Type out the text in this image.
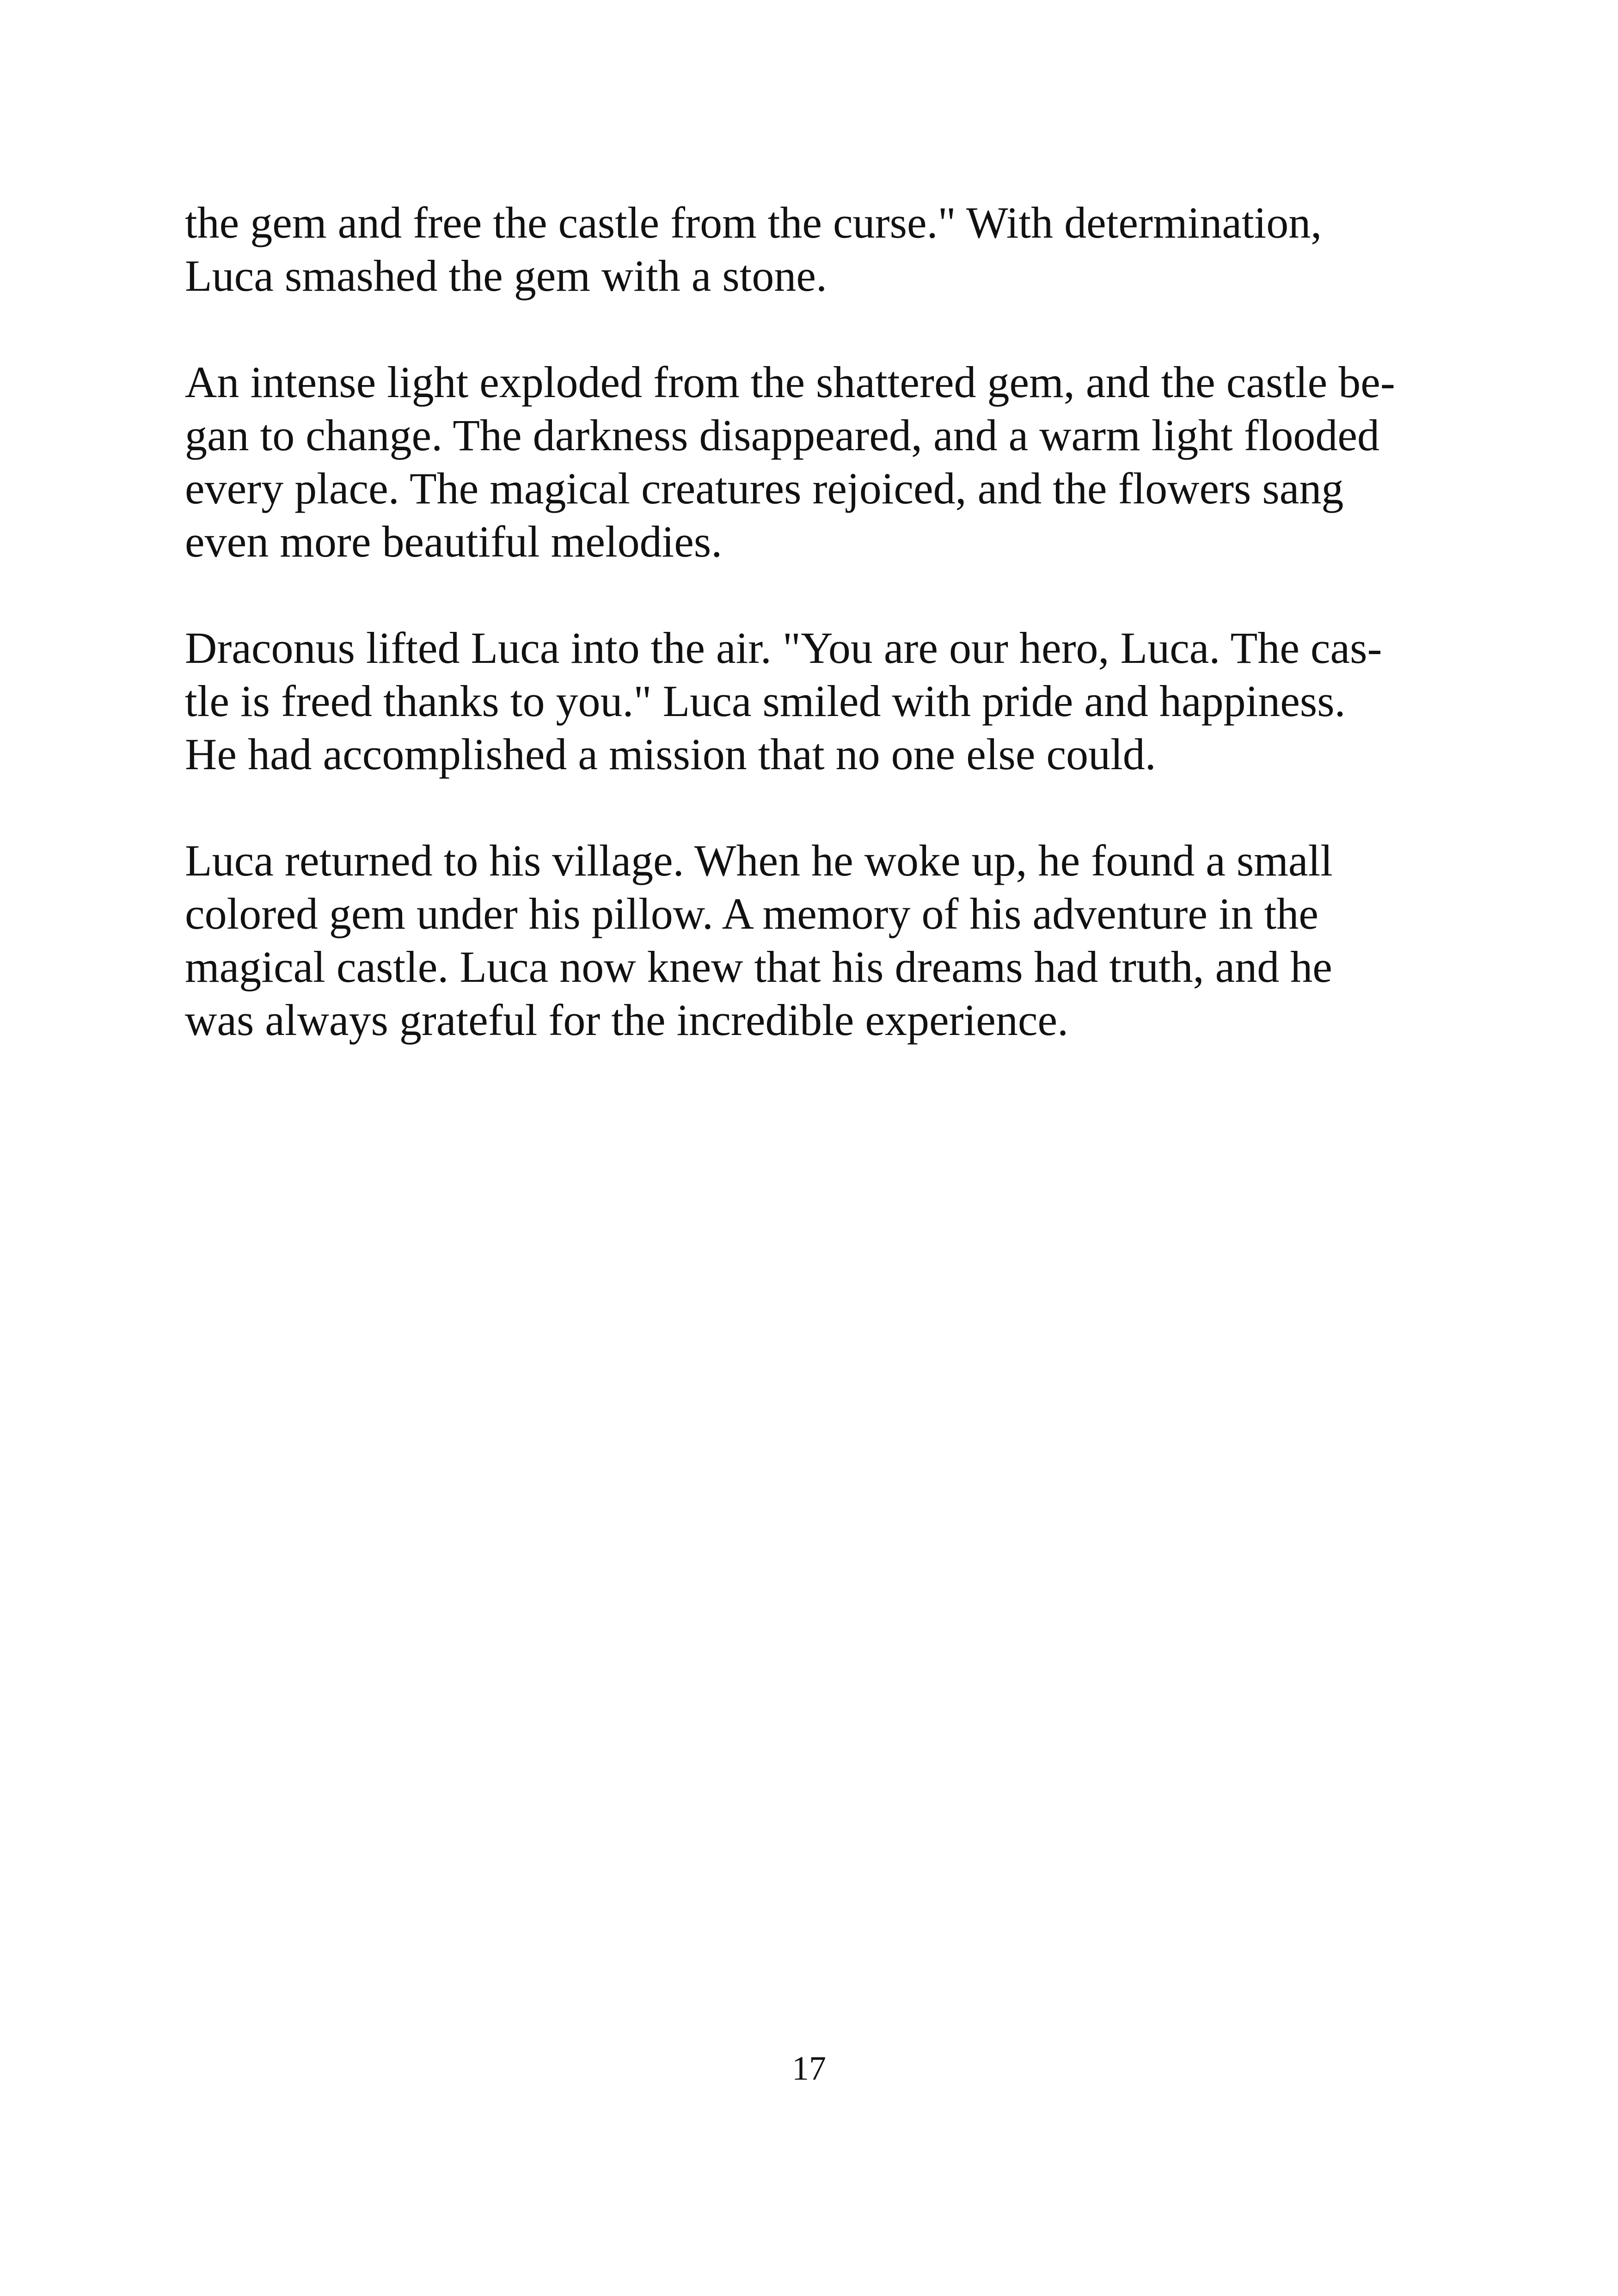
the gem and free the castle from the curse." With determination,
Luca smashed the gem with a stone.

An intense light exploded from the shattered gem, and the castle be-
gan to change. The darkness disappeared, and a warm light flooded
every place. The magical creatures rejoiced, and the flowers sang
even more beautiful melodies.

Draconus lifted Luca into the air. "You are our hero, Luca. The cas-
tle is freed thanks to you." Luca smiled with pride and happiness.
He had accomplished a mission that no one else could.

Luca returned to his village. When he woke up, he found a small
colored gem under his pillow. A memory of his adventure in the
magical castle. Luca now knew that his dreams had truth, and he
was always grateful for the incredible experience.

17
